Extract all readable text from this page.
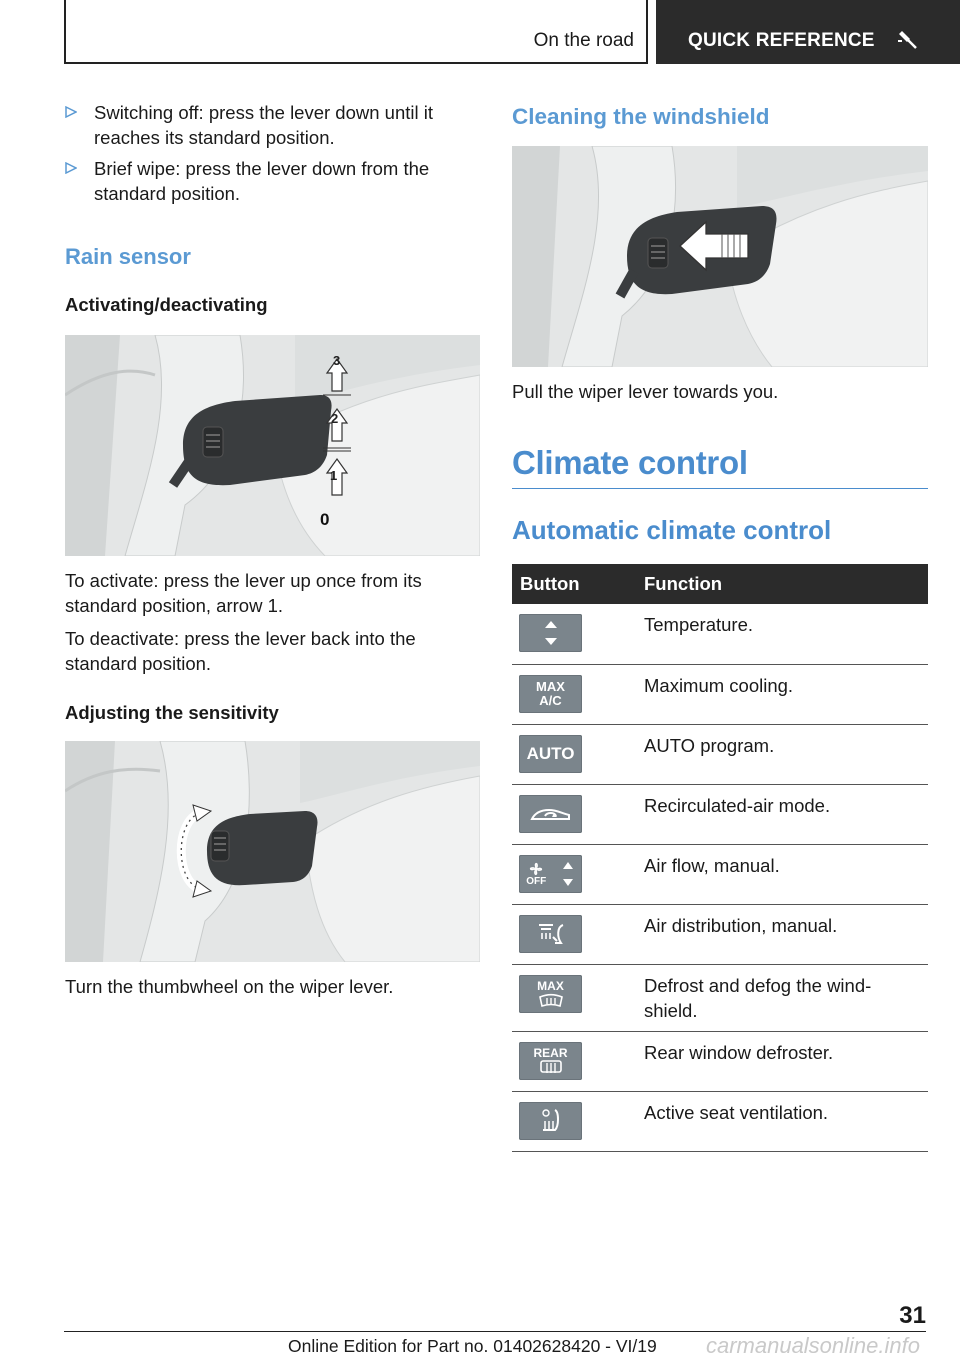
On the road	QUICK REFERENCE
Switching off: press the lever down until it reaches its standard position.
Brief wipe: press the lever down from the standard position.
Rain sensor
Activating/deactivating
3
2
1
0

To activate: press the lever up once from its standard position, arrow 1.

To deactivate: press the lever back into the standard position.

Adjusting the sensitivity

Turn the thumbwheel on the wiper lever.

Cleaning the windshield

Pull the wiper lever towards you.

Climate control
Automatic climate control
Button	Function

	Temperature.

MAX
A/C	Maximum cooling.

AUTO	AUTO program.

	Recirculated-air mode.

OFF	Air flow, manual.

	Air distribution, manual.

MAX	Defrost and defog the wind‐ shield.

REAR	Rear window defroster.

	Active seat ventilation.
31
Online Edition for Part no. 01402628420 - VI/19 carmanualsonline.info
